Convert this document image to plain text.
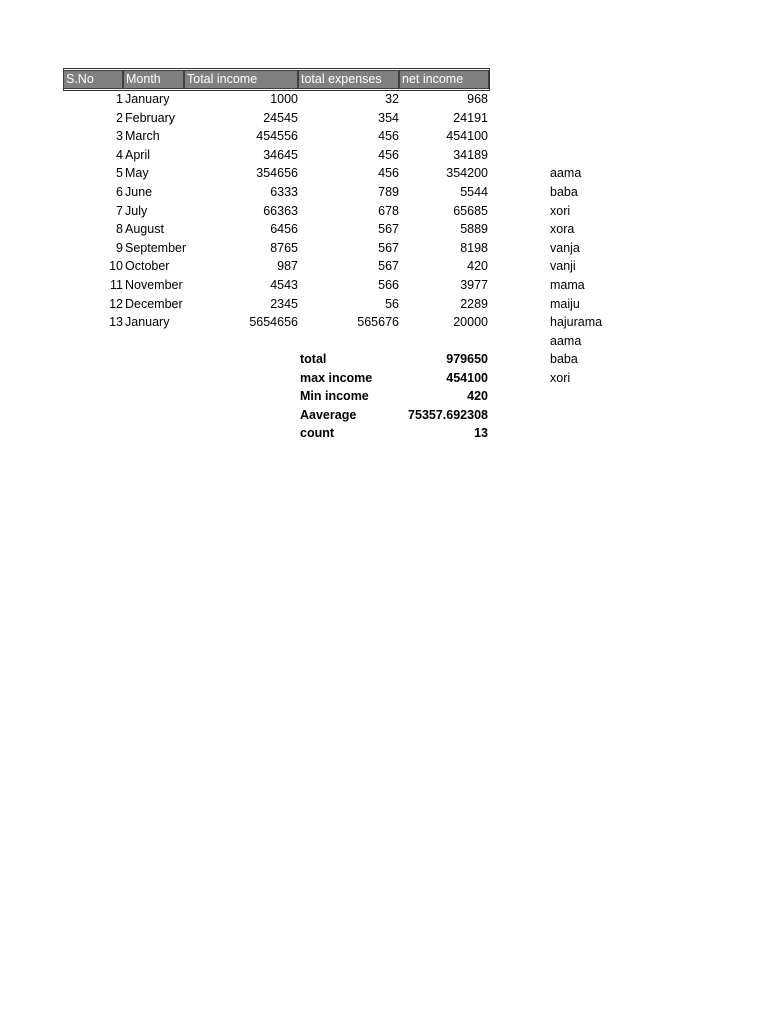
S.No	Month	Total income	total expenses	net income
1 January	1000	32	968
2 February	24545	354	24191
3 March	454556	456	454100
4 April	34645	456	34189
5 May	354656	456	354200
6 June	6333	789	5544
7 July	66363	678	65685
8 August	6456	567	5889
9 September	8765	567	8198
10 October	987	567	420
11 November	4543	566	3977
12 December	2345	56	2289
13 January	5654656	565676	20000
total	979650
max income	454100
Min income	420
Aaverage	75357.692308
count	13
aama
baba
xori
xora
vanja
vanji
mama
maiju
hajurama
aama
baba
xori
